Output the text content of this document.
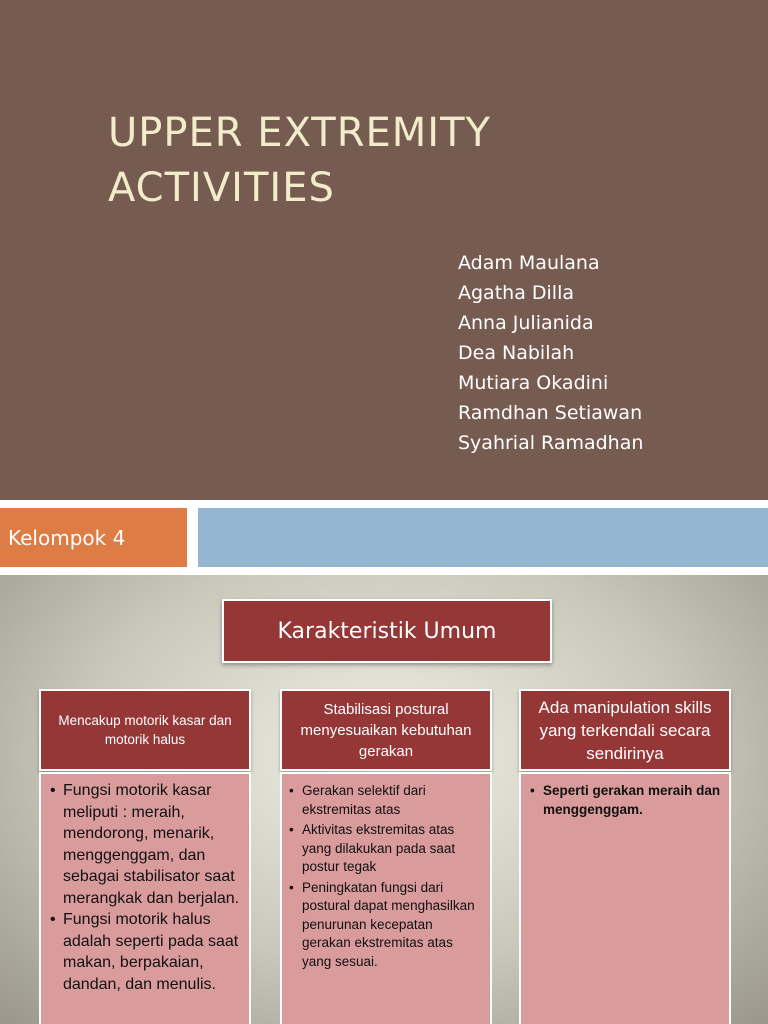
UPPER EXTREMITY
ACTIVITIES
Adam Maulana
Agatha Dilla
Anna Julianida
Dea Nabilah
Mutiara Okadini
Ramdhan Setiawan
Syahrial Ramadhan
Kelompok 4
Karakteristik Umum
Mencakup motorik kasar dan motorik halus
• Fungsi motorik kasar meliputi : meraih, mendorong, menarik, menggenggam, dan sebagai stabilisator saat merangkak dan berjalan.
• Fungsi motorik halus adalah seperti pada saat makan, berpakaian, dandan, dan menulis.
Stabilisasi postural menyesuaikan kebutuhan gerakan
• Gerakan selektif dari ekstremitas atas
• Aktivitas ekstremitas atas yang dilakukan pada saat postur tegak
• Peningkatan fungsi dari postural dapat menghasilkan penurunan kecepatan gerakan ekstremitas atas yang sesuai.
Ada manipulation skills yang terkendali secara sendirinya
• Seperti gerakan meraih dan menggenggam.
